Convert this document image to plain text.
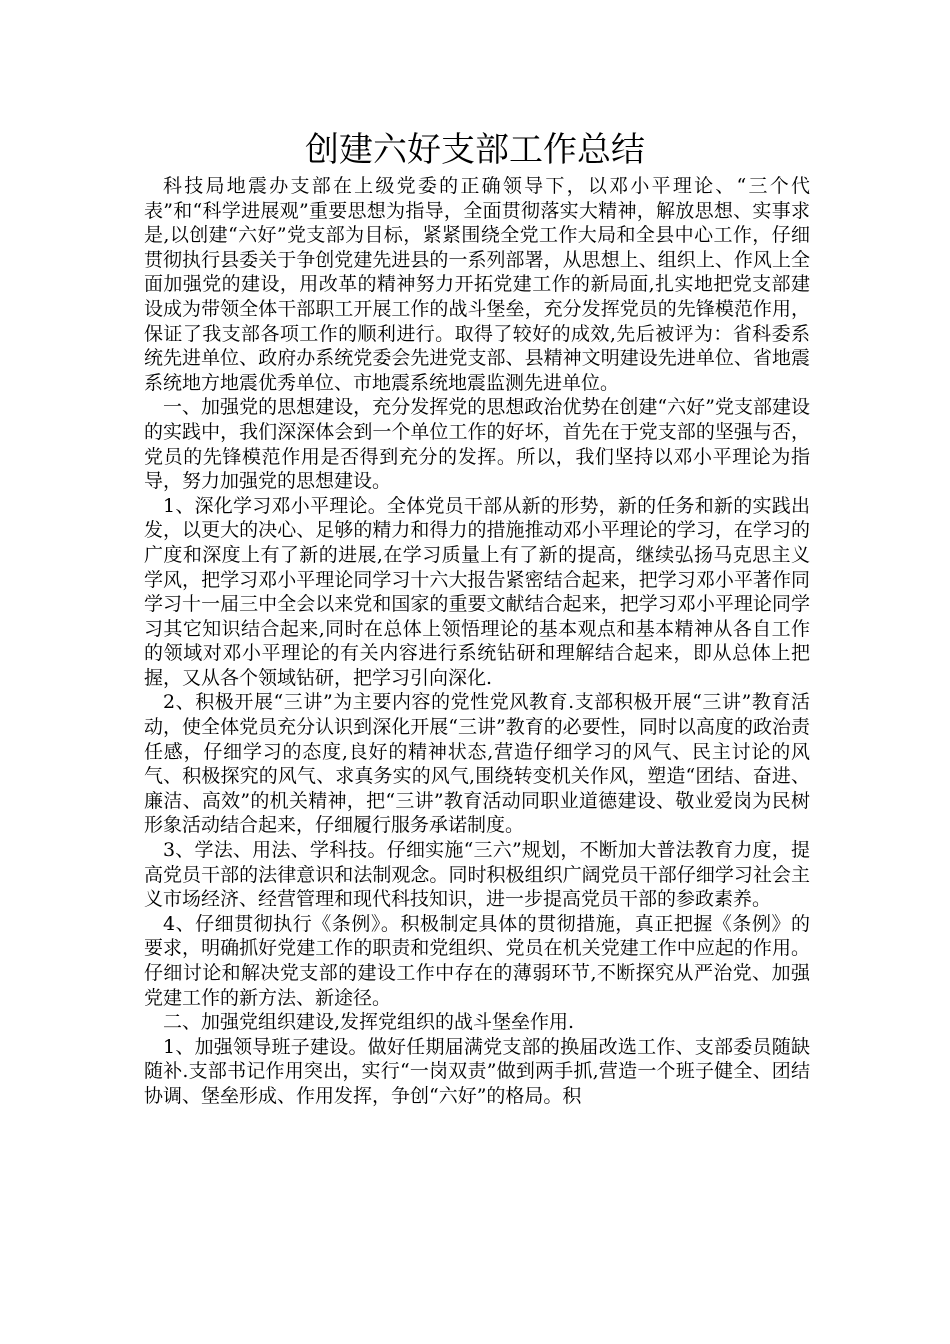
创建六好支部工作总结

科技局地震办支部在上级党委的正确领导下，以邓小平理论、“三个代表”和“科学进展观”重要思想为指导，全面贯彻落实大精神，解放思想、实事求是,以创建“六好”党支部为目标，紧紧围绕全党工作大局和全县中心工作，仔细贯彻执行县委关于争创党建先进县的一系列部署，从思想上、组织上、作风上全面加强党的建设，用改革的精神努力开拓党建工作的新局面,扎实地把党支部建设成为带领全体干部职工开展工作的战斗堡垒，充分发挥党员的先锋模范作用，保证了我支部各项工作的顺利进行。取得了较好的成效,先后被评为：省科委系统先进单位、政府办系统党委会先进党支部、县精神文明建设先进单位、省地震系统地方地震优秀单位、市地震系统地震监测先进单位。

一、加强党的思想建设，充分发挥党的思想政治优势在创建“六好”党支部建设的实践中，我们深深体会到一个单位工作的好坏，首先在于党支部的坚强与否，党员的先锋模范作用是否得到充分的发挥。所以，我们坚持以邓小平理论为指导，努力加强党的思想建设。

1、深化学习邓小平理论。全体党员干部从新的形势，新的任务和新的实践出发，以更大的决心、足够的精力和得力的措施推动邓小平理论的学习，在学习的广度和深度上有了新的进展,在学习质量上有了新的提高，继续弘扬马克思主义学风，把学习邓小平理论同学习十六大报告紧密结合起来，把学习邓小平著作同学习十一届三中全会以来党和国家的重要文献结合起来，把学习邓小平理论同学习其它知识结合起来,同时在总体上领悟理论的基本观点和基本精神从各自工作的领域对邓小平理论的有关内容进行系统钻研和理解结合起来，即从总体上把握，又从各个领域钻研，把学习引向深化.

2、积极开展“三讲”为主要内容的党性党风教育.支部积极开展“三讲”教育活动，使全体党员充分认识到深化开展“三讲”教育的必要性，同时以高度的政治责任感，仔细学习的态度,良好的精神状态,营造仔细学习的风气、民主讨论的风气、积极探究的风气、求真务实的风气,围绕转变机关作风，塑造“团结、奋进、廉洁、高效”的机关精神，把“三讲”教育活动同职业道德建设、敬业爱岗为民树形象活动结合起来，仔细履行服务承诺制度。

3、学法、用法、学科技。仔细实施“三六”规划，不断加大普法教育力度，提高党员干部的法律意识和法制观念。同时积极组织广阔党员干部仔细学习社会主义市场经济、经营管理和现代科技知识，进一步提高党员干部的参政素养。

4、仔细贯彻执行《条例》。积极制定具体的贯彻措施，真正把握《条例》的要求，明确抓好党建工作的职责和党组织、党员在机关党建工作中应起的作用。仔细讨论和解决党支部的建设工作中存在的薄弱环节,不断探究从严治党、加强党建工作的新方法、新途径。

二、加强党组织建设,发挥党组织的战斗堡垒作用.

1、加强领导班子建设。做好任期届满党支部的换届改选工作、支部委员随缺随补.支部书记作用突出，实行“一岗双责”做到两手抓,营造一个班子健全、团结协调、堡垒形成、作用发挥，争创“六好”的格局。积
